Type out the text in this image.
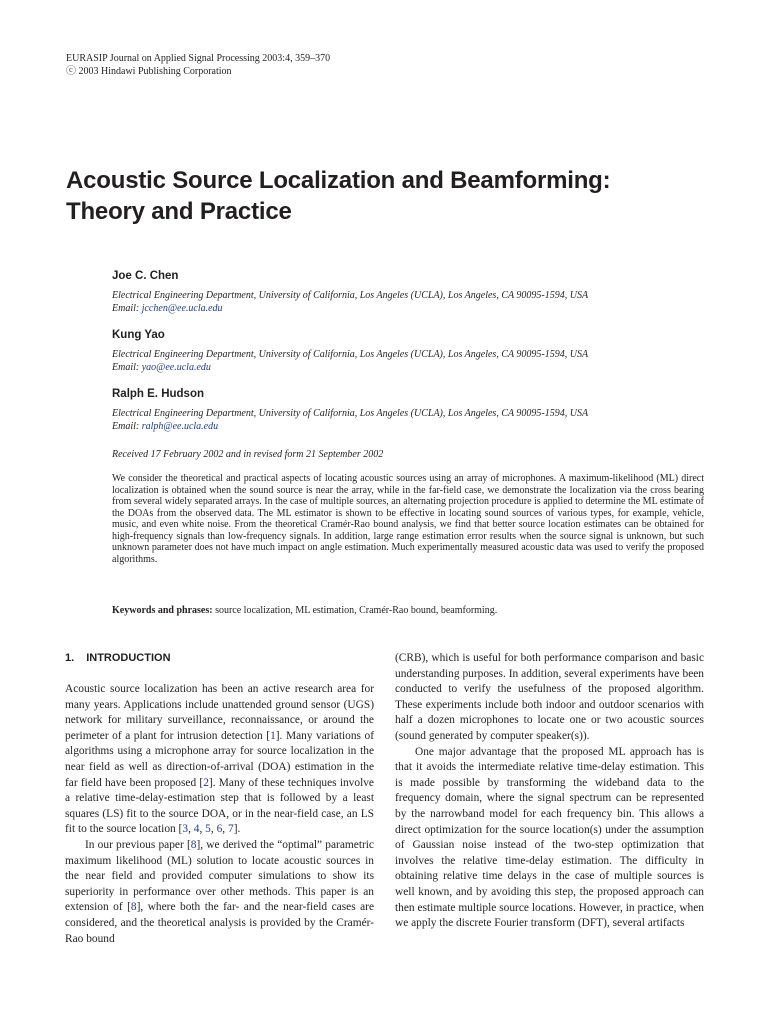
EURASIP Journal on Applied Signal Processing 2003:4, 359–370
ⓒ 2003 Hindawi Publishing Corporation
Acoustic Source Localization and Beamforming:
Theory and Practice
Joe C. Chen
Electrical Engineering Department, University of California, Los Angeles (UCLA), Los Angeles, CA 90095-1594, USA
Email: jcchen@ee.ucla.edu
Kung Yao
Electrical Engineering Department, University of California, Los Angeles (UCLA), Los Angeles, CA 90095-1594, USA
Email: yao@ee.ucla.edu
Ralph E. Hudson
Electrical Engineering Department, University of California, Los Angeles (UCLA), Los Angeles, CA 90095-1594, USA
Email: ralph@ee.ucla.edu
Received 17 February 2002 and in revised form 21 September 2002

We consider the theoretical and practical aspects of locating acoustic sources using an array of microphones. A maximum-likelihood (ML) direct localization is obtained when the sound source is near the array, while in the far-field case, we demonstrate the localization via the cross bearing from several widely separated arrays. In the case of multiple sources, an alternating projection procedure is applied to determine the ML estimate of the DOAs from the observed data. The ML estimator is shown to be effective in locating sound sources of various types, for example, vehicle, music, and even white noise. From the theoretical Cramér-Rao bound analysis, we find that better source location estimates can be obtained for high-frequency signals than low-frequency signals. In addition, large range estimation error results when the source signal is unknown, but such unknown parameter does not have much impact on angle estimation. Much experimentally measured acoustic data was used to verify the proposed algorithms.

Keywords and phrases: source localization, ML estimation, Cramér-Rao bound, beamforming.

1. INTRODUCTION

Acoustic source localization has been an active research area for many years. Applications include unattended ground sensor (UGS) network for military surveillance, reconnaissance, or around the perimeter of a plant for intrusion detection [1]. Many variations of algorithms using a microphone array for source localization in the near field as well as direction-of-arrival (DOA) estimation in the far field have been proposed [2]. Many of these techniques involve a relative time-delay-estimation step that is followed by a least squares (LS) fit to the source DOA, or in the near-field case, an LS fit to the source location [3, 4, 5, 6, 7].

In our previous paper [8], we derived the “optimal” parametric maximum likelihood (ML) solution to locate acoustic sources in the near field and provided computer simulations to show its superiority in performance over other methods. This paper is an extension of [8], where both the far- and the near-field cases are considered, and the theoretical analysis is provided by the Cramér-Rao bound

(CRB), which is useful for both performance comparison and basic understanding purposes. In addition, several experiments have been conducted to verify the usefulness of the proposed algorithm. These experiments include both indoor and outdoor scenarios with half a dozen microphones to locate one or two acoustic sources (sound generated by computer speaker(s)).

One major advantage that the proposed ML approach has is that it avoids the intermediate relative time-delay estimation. This is made possible by transforming the wideband data to the frequency domain, where the signal spectrum can be represented by the narrowband model for each frequency bin. This allows a direct optimization for the source location(s) under the assumption of Gaussian noise instead of the two-step optimization that involves the relative time-delay estimation. The difficulty in obtaining relative time delays in the case of multiple sources is well known, and by avoiding this step, the proposed approach can then estimate multiple source locations. However, in practice, when we apply the discrete Fourier transform (DFT), several artifacts
